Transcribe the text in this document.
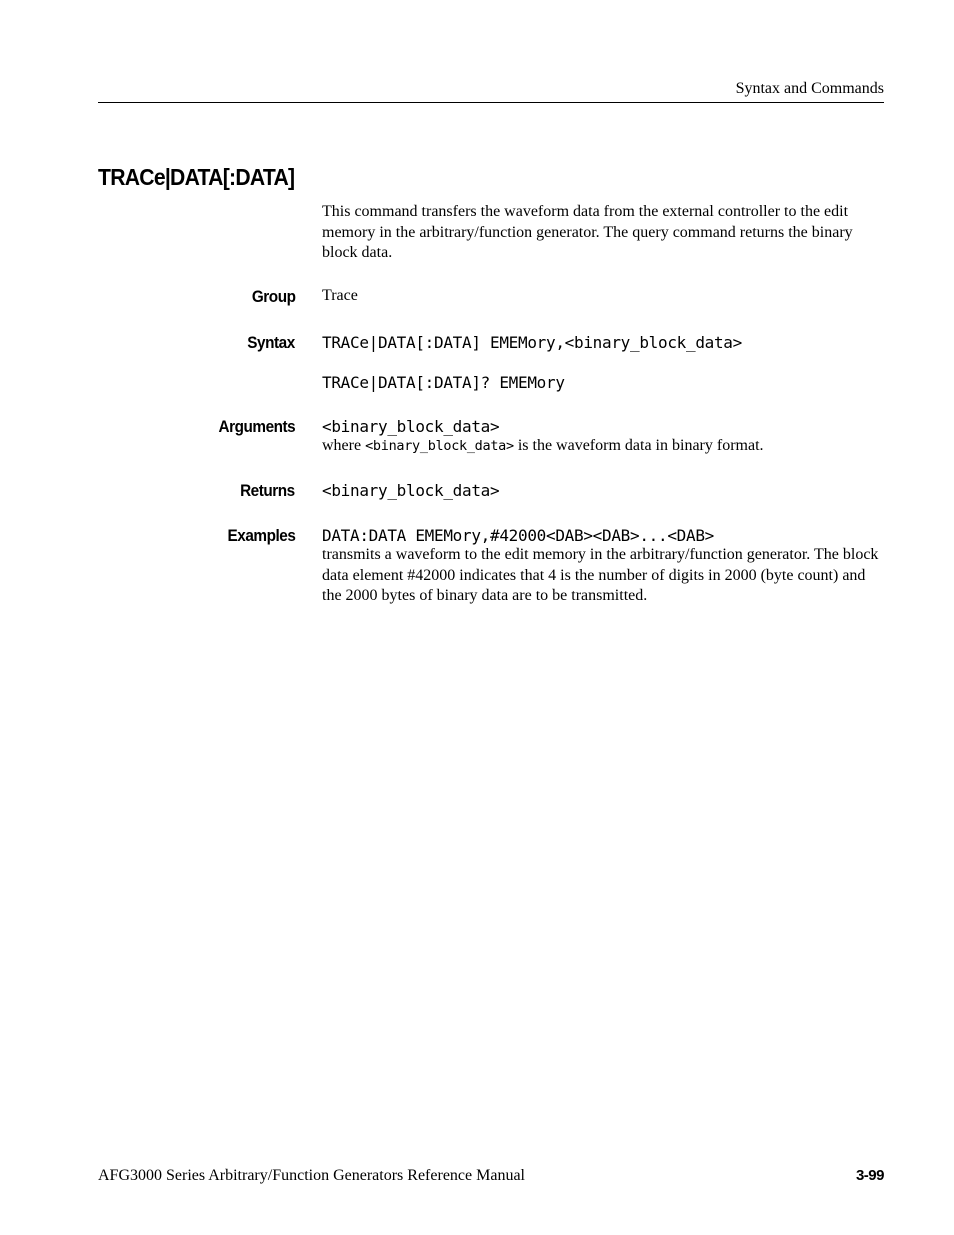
Syntax and Commands
TRACe|DATA[:DATA]
This command transfers the waveform data from the external controller to the edit memory in the arbitrary/function generator. The query command returns the binary block data.
Group Trace
Syntax TRACe|DATA[:DATA] EMEMory,<binary_block_data>
TRACe|DATA[:DATA]? EMEMory
Arguments <binary_block_data>
where <binary_block_data> is the waveform data in binary format.
Returns <binary_block_data>
Examples DATA:DATA EMEMory,#42000<DAB><DAB>...<DAB>
transmits a waveform to the edit memory in the arbitrary/function generator. The block data element #42000 indicates that 4 is the number of digits in 2000 (byte count) and the 2000 bytes of binary data are to be transmitted.
AFG3000 Series Arbitrary/Function Generators Reference Manual	3-99
